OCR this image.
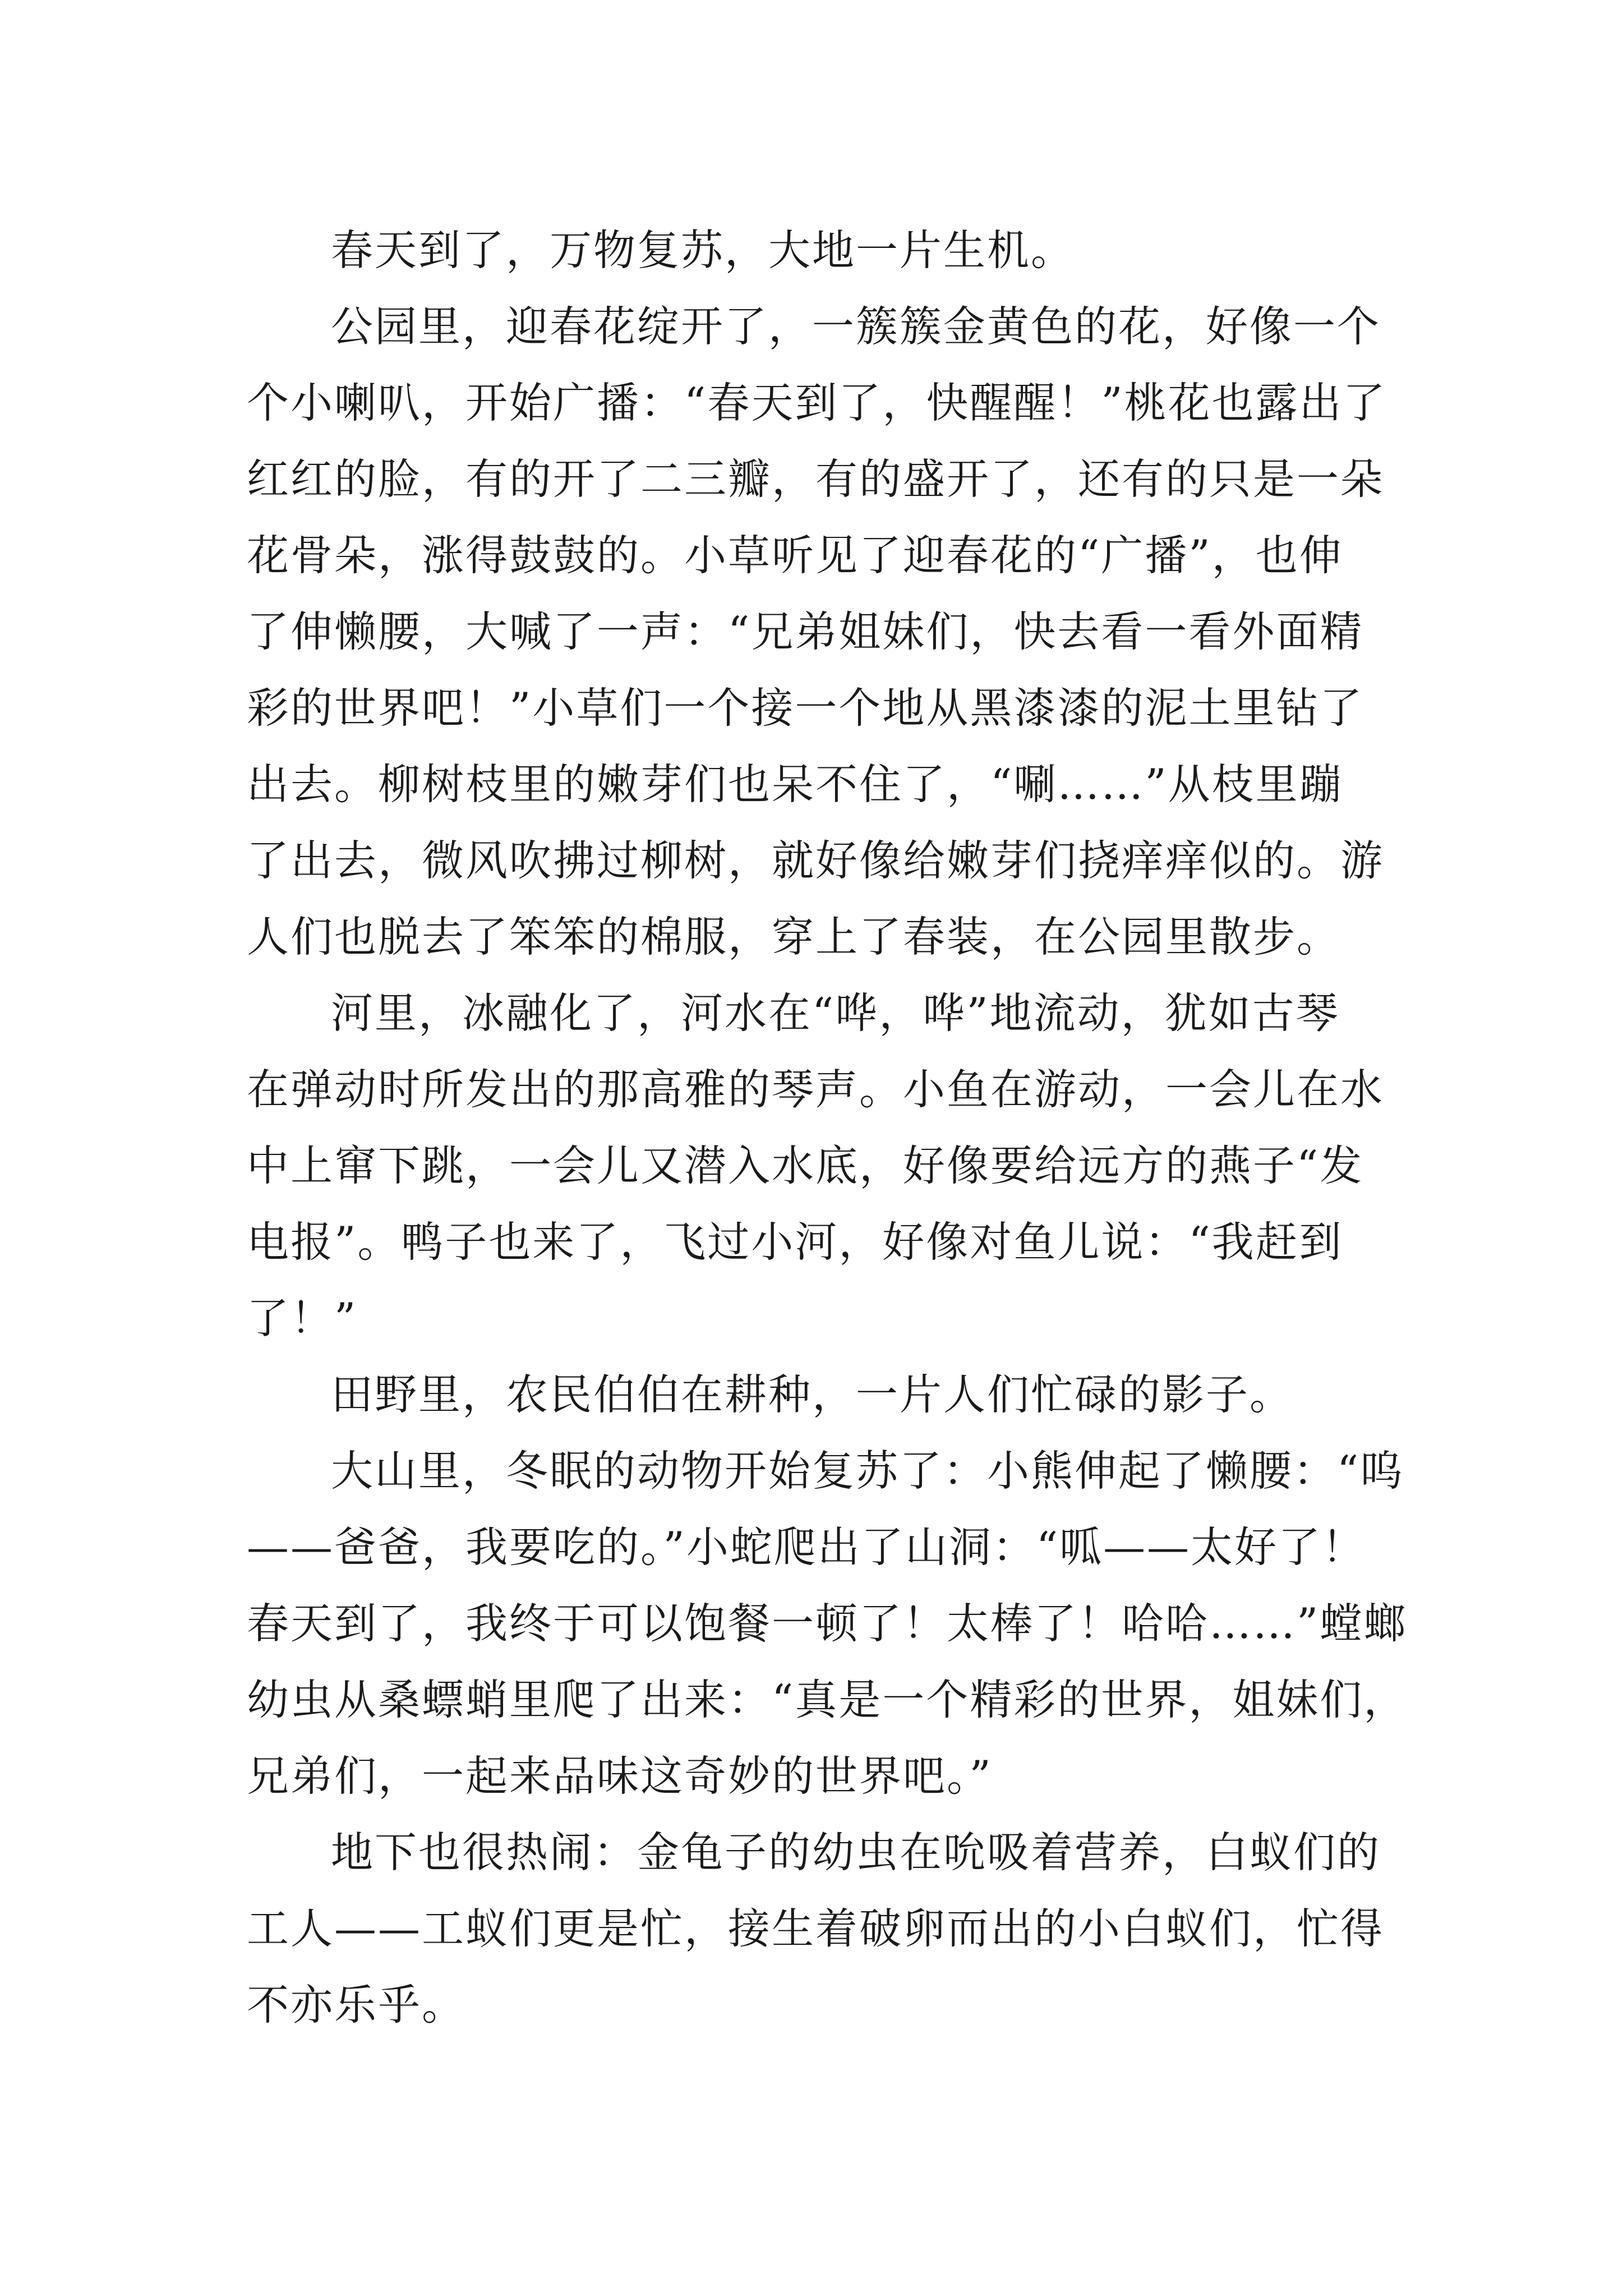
春天到了，万物复苏，大地一片生机。
公园里，迎春花绽开了，一簇簇金黄色的花，好像一个
个小喇叭，开始广播：“春天到了，快醒醒！”桃花也露出了
红红的脸，有的开了二三瓣，有的盛开了，还有的只是一朵
花骨朵，涨得鼓鼓的。小草听见了迎春花的“广播”，也伸
了伸懒腰，大喊了一声：“兄弟姐妹们，快去看一看外面精
彩的世界吧！”小草们一个接一个地从黑漆漆的泥土里钻了
出去。柳树枝里的嫩芽们也呆不住了，“唰……”从枝里蹦
了出去，微风吹拂过柳树，就好像给嫩芽们挠痒痒似的。游
人们也脱去了笨笨的棉服，穿上了春装，在公园里散步。
河里，冰融化了，河水在“哗，哗”地流动，犹如古琴
在弹动时所发出的那高雅的琴声。小鱼在游动，一会儿在水
中上窜下跳，一会儿又潜入水底，好像要给远方的燕子“发
电报”。鸭子也来了，飞过小河，好像对鱼儿说：“我赶到
了！”
田野里，农民伯伯在耕种，一片人们忙碌的影子。
大山里，冬眠的动物开始复苏了：小熊伸起了懒腰：“呜
——爸爸，我要吃的。”小蛇爬出了山洞：“呱——太好了！
春天到了，我终于可以饱餐一顿了！太棒了！哈哈……”螳螂
幼虫从桑螵蛸里爬了出来：“真是一个精彩的世界，姐妹们，
兄弟们，一起来品味这奇妙的世界吧。”
地下也很热闹：金龟子的幼虫在吮吸着营养，白蚁们的
工人——工蚁们更是忙，接生着破卵而出的小白蚁们，忙得
不亦乐乎。
